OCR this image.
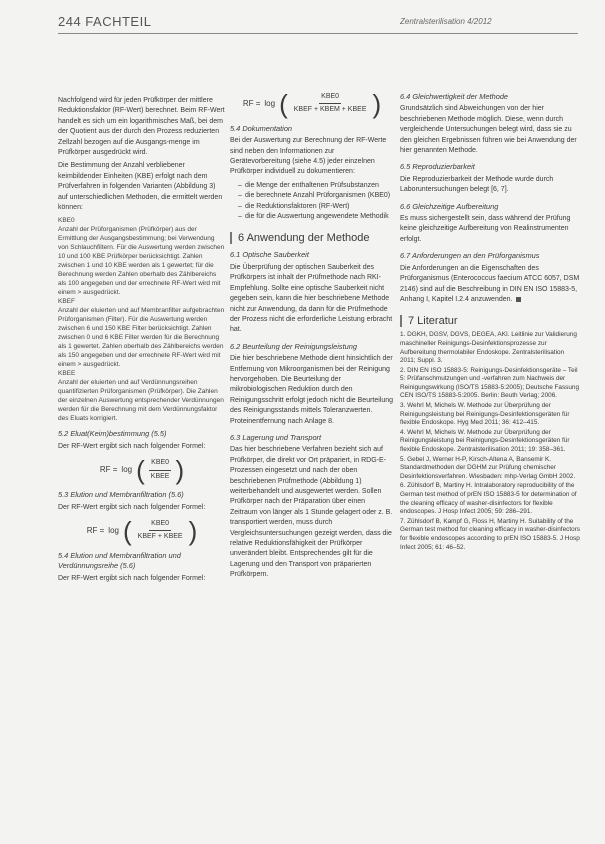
244 FACHTEIL	Zentralsterilisation 4/2012

Nachfolgend wird für jeden Prüfkörper der mittlere Reduktionsfaktor (RF-Wert) berechnet. Beim RF-Wert handelt es sich um ein logarithmisches Maß, bei dem der Quotient aus der durch den Prozess reduzierten Zellzahl bezogen auf die Ausgangs-menge im Prüfkörper ausgedrückt wird.

Die Bestimmung der Anzahl verbliebener keimbildender Einheiten (KBE) erfolgt nach dem Prüfverfahren in folgenden Varianten (Abbildung 3) auf unterschiedlichen Methoden, die ermittelt werden können:

KBE0
Anzahl der Prüforganismen (Prüfkörper) aus der Ermittlung der Ausgangsbestimmung; bei Verwendung von Schlauchfiltern. Für die Auswertung werden zwischen 10 und 100 KBE Prüfkörper berücksichtigt. Zahlen zwischen 1 und 10 KBE werden als 1 gewertet; für die Berechnung werden Zahlen oberhalb des Zählbereichs als 100 angegeben und der errechnete RF-Wert wird mit einem > ausgedrückt.
KBEF
Anzahl der eluierten und auf Membranfilter aufgebrachten Prüforganismen (Filter). Für die Auswertung werden zwischen 6 und 150 KBE Filter berücksichtigt. Zahlen zwischen 0 und 6 KBE Filter werden für die Berechnung als 1 gewertet. Zahlen oberhalb des Zählbereichs werden als 150 angegeben und der errechnete RF-Wert wird mit einem > ausgedrückt.
KBEE
Anzahl der eluierten und auf Verdünnungsreihen quantifizierten Prüforganismen (Prüfkörper). Die Zahlen der einzelnen Auswertung entsprechender Verdünnungen werden für die Berechnung mit dem Verdünnungsfaktor des Eluats korrigiert.
5.2 Eluat(Keim)bestimmung (5.5)

Der RF-Wert ergibt sich nach folgender Formel:

RF = log ( $\frac{\text{KBE0}}{\text{KBEE}}$ )
5.3 Elution und Membranfiltration (5.6)

Der RF-Wert ergibt sich nach folgender Formel:

RF = log ( $\frac{\text{KBE0}}{\text{KBEF + KBEE}}$ )
5.4 Elution und Membranfiltration und Verdünnungsreihe (5.6)

Der RF-Wert ergibt sich nach folgender Formel:

RF = log ( $\frac{\text{KBE0}}{\text{KBEF + KBEM + KBEE}}$ )
5.4 Dokumentation

Bei der Auswertung zur Berechnung der RF-Werte sind neben den Informationen zur Gerätevorbereitung (siehe 4.5) jeder einzelnen Prüfkörper individuell zu dokumentieren:

– die Menge der enthaltenen Prüfsubstanzen
– die berechnete Anzahl Prüforganismen (KBE0)
– die Reduktionsfaktoren (RF-Wert)
– die für die Auswertung angewendete Methodik
6 Anwendung der Methode
6.1 Optische Sauberkeit

Die Überprüfung der optischen Sauberkeit des Prüfkörpers ist inhalt der Prüfmethode nach RKI-Empfehlung. Sollte eine optische Sauberkeit nicht gegeben sein, kann die hier beschriebene Methode nicht zur Anwendung, da dann für die Prüfmethode der Prozess nicht die erforderliche Leistung erbracht hat.

6.2 Beurteilung der Reinigungsleistung

Die hier beschriebene Methode dient hinsichtlich der Entfernung von Mikroorganismen bei der Reinigung hervorgehoben. Die Beurteilung der mikrobiologischen Reduktion durch den Reinigungsschritt erfolgt jedoch nicht die Beurteilung des Reinigungsstands mittels Toleranzwerten. Proteinentfernung nach Anlage 8.

6.3 Lagerung und Transport

Das hier beschriebene Verfahren bezieht sich auf Prüfkörper, die direkt vor Ort präpariert, in RDG-E-Prozessen eingesetzt und nach der oben beschriebenen Prüfmethode (Abbildung 1) weiterbehandelt und ausgewertet werden. Sollen Prüfkörper nach der Präparation über einen Zeitraum von länger als 1 Stunde gelagert oder z. B. transportiert werden, muss durch Vergleichsuntersuchungen gezeigt werden, dass die relative Reduktionsfähigkeit der Prüfkörper unverändert bleibt. Entsprechendes gilt für die Lagerung und den Transport von präparierten Prüfkörpern.

6.4 Gleichwertigkeit der Methode

Grundsätzlich sind Abweichungen von der hier beschriebenen Methode möglich. Diese, wenn durch vergleichende Untersuchungen belegt wird, dass sie zu den gleichen Ergebnissen führen wie bei Anwendung der hier genannten Methode.

6.5 Reproduzierbarkeit

Die Reproduzierbarkeit der Methode wurde durch Laboruntersuchungen belegt [6, 7].

6.6 Gleichzeitige Aufbereitung

Es muss sichergestellt sein, dass während der Prüfung keine gleichzeitige Aufbereitung von Realinstrumenten erfolgt.

6.7 Anforderungen an den Prüforganismus

Die Anforderungen an die Eigenschaften des Prüforganismus (Enterococcus faecium ATCC 6057, DSM 2146) sind auf die Beschreibung in DIN EN ISO 15883-5, Anhang I, Kapitel I.2.4 anzuwenden.

7 Literatur
1. DGKH, DGSV, DGVS, DEGEA, AKI. Leitlinie zur Validierung maschineller Reinigungs-Desinfektionsprozesse zur Aufbereitung thermolabiler Endoskope. Zentralsterilisation 2011; Suppl. 3.
2. DIN EN ISO 15883-5: Reinigungs-Desinfektionsgeräte – Teil 5: Prüfanschmutzungen und -verfahren zum Nachweis der Reinigungswirkung (ISO/TS 15883-5:2005); Deutsche Fassung CEN ISO/TS 15883-5:2005. Berlin: Beuth Verlag; 2006.
3. Wehrl M, Michels W. Methode zur Überprüfung der Reinigungsleistung bei Reinigungs-Desinfektionsgeräten für flexible Endoskope. Hyg Med 2011; 36: 412–415.
4. Wehrl M, Michels W. Methode zur Überprüfung der Reinigungsleistung bei Reinigungs-Desinfektionsgeräten für flexible Endoskope. Zentralsterilisation 2011; 19: 358–361.
5. Gebel J, Werner H-P, Kirsch-Altena A, Bansemir K. Standardmethoden der DGHM zur Prüfung chemischer Desinfektionsverfahren. Wiesbaden: mhp-Verlag GmbH 2002.
6. Zühlsdorf B, Martiny H. Intralaboratory reproducibility of the German test method of prEN ISO 15883-5 for determination of the cleaning efficacy of washer-disinfectors for flexible endoscopes. J Hosp Infect 2005; 59: 286–291.
7. Zühlsdorf B, Kampf G, Floss H, Martiny H. Suitability of the German test method for cleaning efficacy in washer-disinfectors for flexible endoscopes according to prEN ISO 15883-5. J Hosp Infect 2005; 61: 46–52.
